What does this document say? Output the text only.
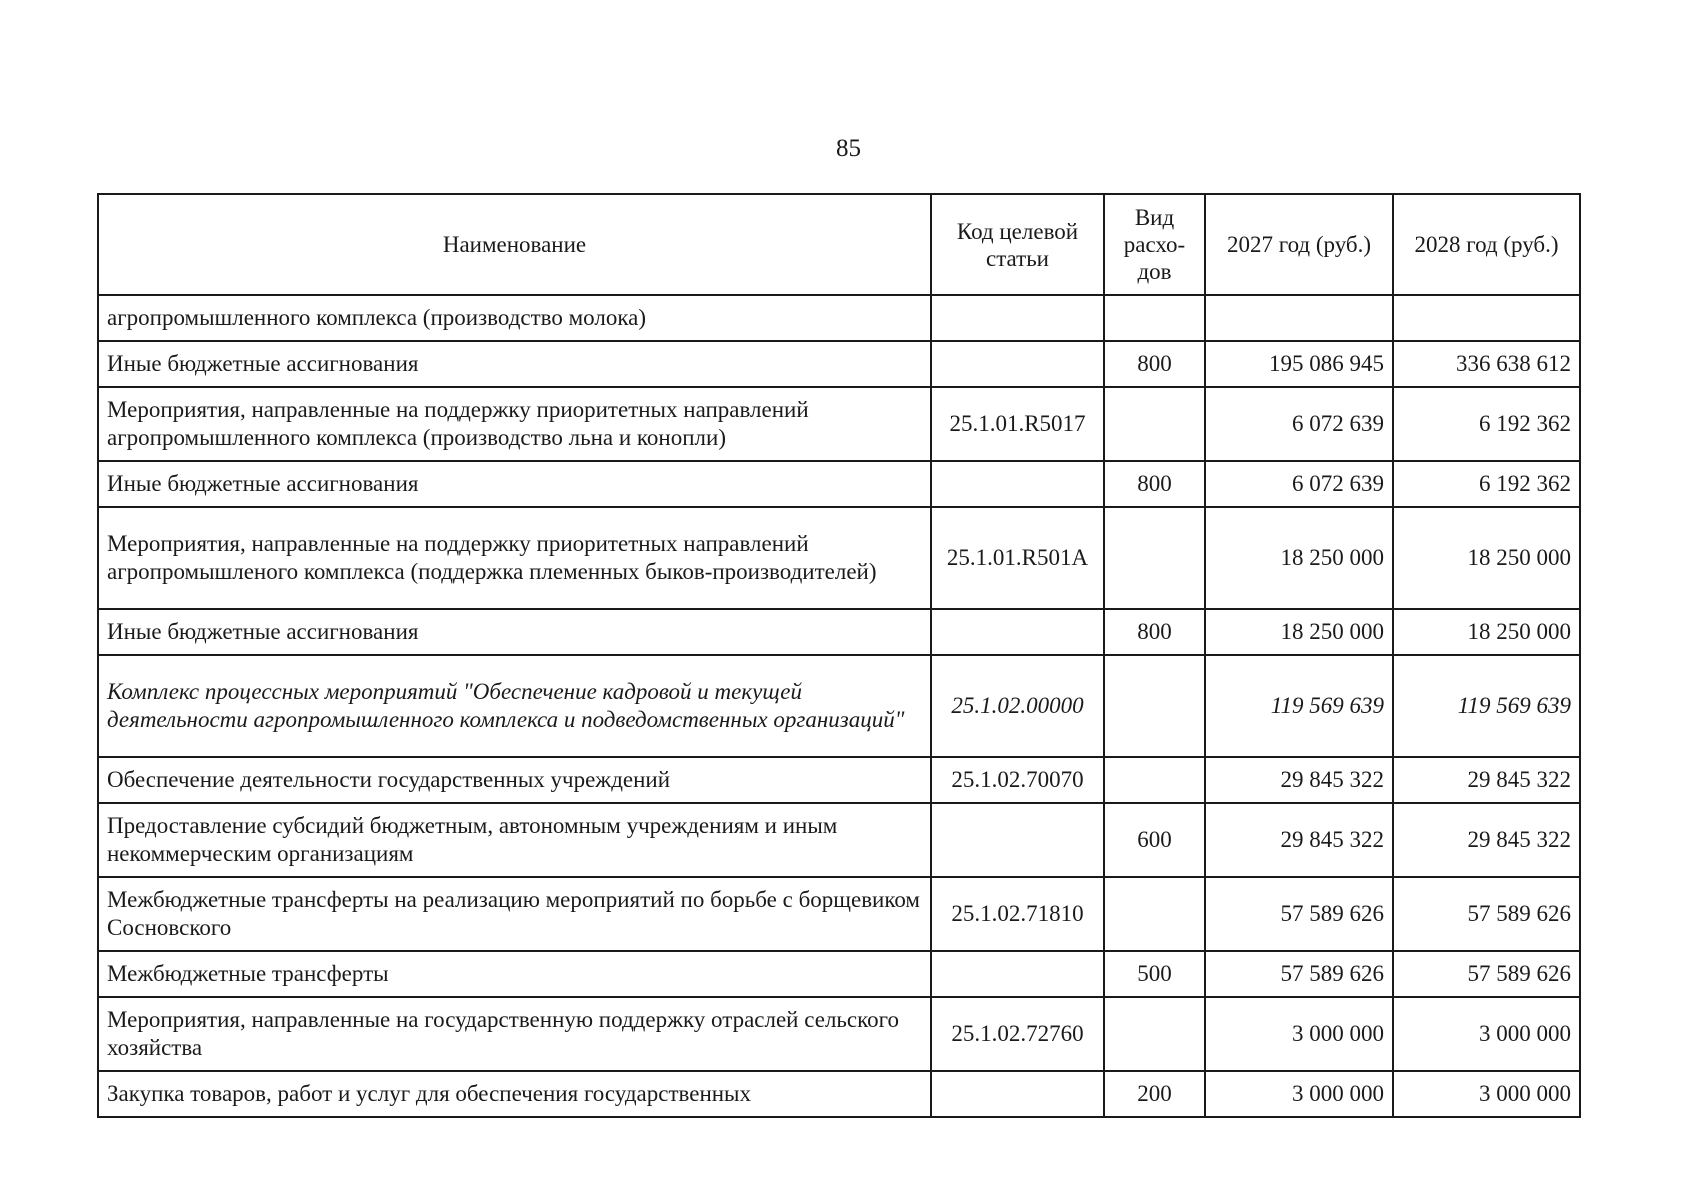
85
Наименование	Код целевой статьи	Вид расхо-дов	2027 год (руб.)	2028 год (руб.)
агропромышленного комплекса (производство молока)				
Иные бюджетные ассигнования		800	195 086 945	336 638 612
Мероприятия, направленные на поддержку приоритетных направлений агропромышленного комплекса (производство льна и конопли)	25.1.01.R5017		6 072 639	6 192 362
Иные бюджетные ассигнования		800	6 072 639	6 192 362
Мероприятия, направленные на поддержку приоритетных направлений агропромышленого комплекса (поддержка племенных быков-производителей)	25.1.01.R501A		18 250 000	18 250 000
Иные бюджетные ассигнования		800	18 250 000	18 250 000
Комплекс процессных мероприятий "Обеспечение кадровой и текущей деятельности агропромышленного комплекса и подведомственных организаций"	25.1.02.00000		119 569 639	119 569 639
Обеспечение деятельности государственных учреждений	25.1.02.70070		29 845 322	29 845 322
Предоставление субсидий бюджетным, автономным учреждениям и иным некоммерческим организациям		600	29 845 322	29 845 322
Межбюджетные трансферты на реализацию мероприятий по борьбе с борщевиком Сосновского	25.1.02.71810		57 589 626	57 589 626
Межбюджетные трансферты		500	57 589 626	57 589 626
Мероприятия, направленные на государственную поддержку отраслей сельского хозяйства	25.1.02.72760		3 000 000	3 000 000
Закупка товаров, работ и услуг для обеспечения государственных		200	3 000 000	3 000 000
